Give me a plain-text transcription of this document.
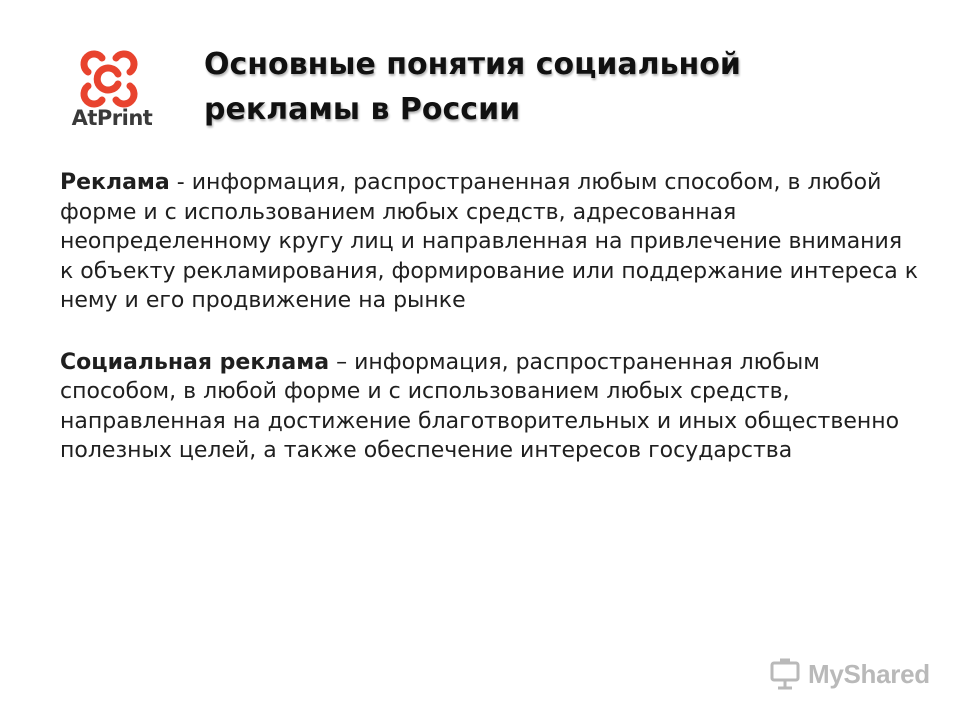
AtPrint
Основные понятия социальной
рекламы в России

Реклама - информация, распространенная любым способом, в любой форме и с использованием любых средств, адресованная неопределенному кругу лиц и направленная на привлечение внимания к объекту рекламирования, формирование или поддержание интереса к нему и его продвижение на рынке

Социальная реклама – информация, распространенная любым способом, в любой форме и с использованием любых средств, направленная на достижение благотворительных и иных общественно полезных целей, а также обеспечение интересов государства

MyShared
